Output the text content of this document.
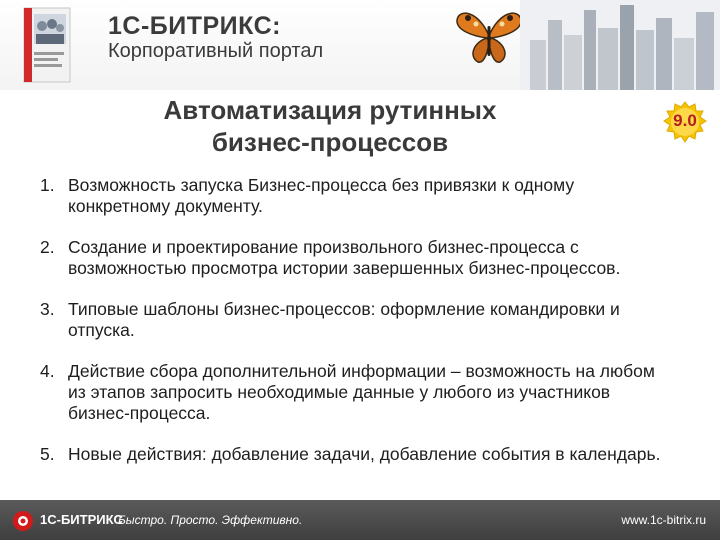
1С-БИТРИКС:
Корпоративный портал
Автоматизация рутинных
бизнес-процессов
9.0
1. Возможность запуска Бизнес-процесса без привязки к одному
конкретному документу.
2. Создание и проектирование произвольного бизнес-процесса с
возможностью просмотра истории завершенных бизнес-процессов.
3. Типовые шаблоны бизнес-процессов: оформление командировки и
отпуска.
4. Действие сбора дополнительной информации – возможность на любом
из этапов запросить необходимые данные у любого из участников
бизнес-процесса.
5. Новые действия: добавление задачи, добавление события в календарь.
1С-БИТРИКС
Быстро. Просто. Эффективно.	www.1c-bitrix.ru
